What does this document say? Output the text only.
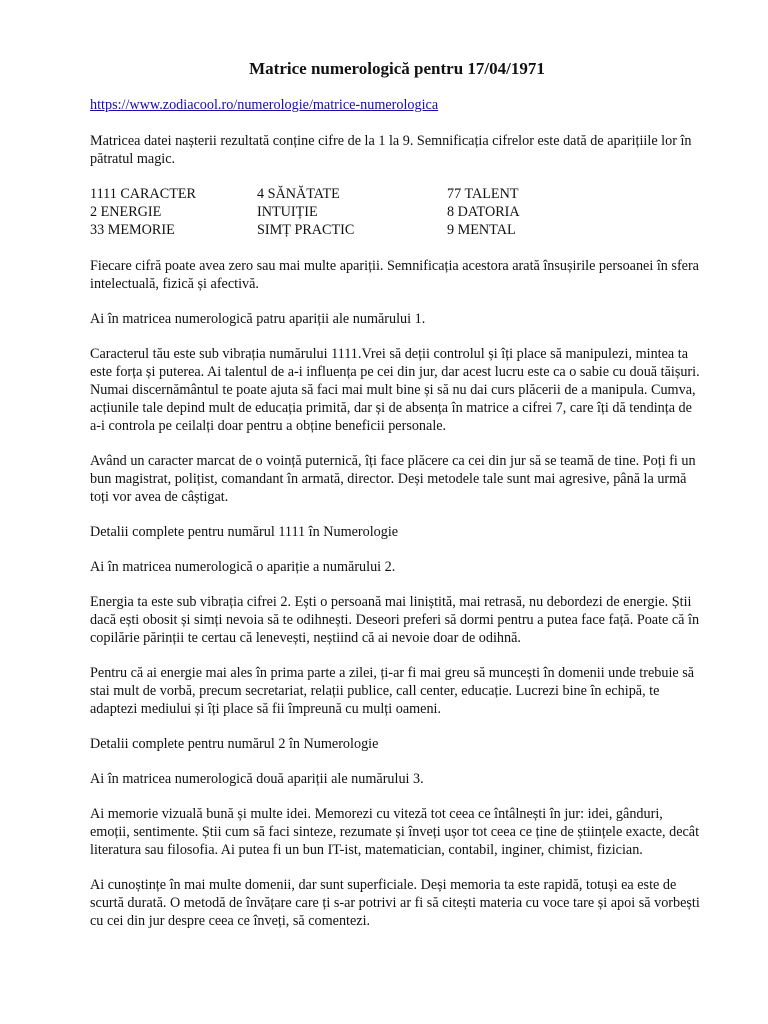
Matrice numerologică pentru 17/04/1971
https://www.zodiacool.ro/numerologie/matrice-numerologica

Matricea datei nașterii rezultată conține cifre de la 1 la 9. Semnificația cifrelor este dată de aparițiile lor în pătratul magic.

1111 CARACTER	4 SĂNĂTATE	77 TALENT
2 ENERGIE	INTUIȚIE	8 DATORIA
33 MEMORIE	SIMȚ PRACTIC	9 MENTAL

Fiecare cifră poate avea zero sau mai multe apariții. Semnificația acestora arată însușirile persoanei în sfera intelectuală, fizică și afectivă.

Ai în matricea numerologică patru apariții ale numărului 1.

Caracterul tău este sub vibrația numărului 1111.Vrei să deții controlul și îți place să manipulezi, mintea ta este forța și puterea. Ai talentul de a-i influența pe cei din jur, dar acest lucru este ca o sabie cu două tăișuri. Numai discernământul te poate ajuta să faci mai mult bine și să nu dai curs plăcerii de a manipula. Cumva, acțiunile tale depind mult de educația primită, dar și de absența în matrice a cifrei 7, care îți dă tendința de a-i controla pe ceilalți doar pentru a obține beneficii personale.

Având un caracter marcat de o voință puternică, îți face plăcere ca cei din jur să se teamă de tine. Poți fi un bun magistrat, polițist, comandant în armată, director. Deși metodele tale sunt mai agresive, până la urmă toți vor avea de câștigat.

Detalii complete pentru numărul 1111 în Numerologie

Ai în matricea numerologică o apariție a numărului 2.

Energia ta este sub vibrația cifrei 2. Ești o persoană mai liniștită, mai retrasă, nu debordezi de energie. Știi dacă ești obosit și simți nevoia să te odihnești. Deseori preferi să dormi pentru a putea face față. Poate că în copilărie părinții te certau că lenevești, neștiind că ai nevoie doar de odihnă.

Pentru că ai energie mai ales în prima parte a zilei, ți-ar fi mai greu să muncești în domenii unde trebuie să stai mult de vorbă, precum secretariat, relații publice, call center, educație. Lucrezi bine în echipă, te adaptezi mediului și îți place să fii împreună cu mulți oameni.

Detalii complete pentru numărul 2 în Numerologie

Ai în matricea numerologică două apariții ale numărului 3.

Ai memorie vizuală bună și multe idei. Memorezi cu viteză tot ceea ce întâlnești în jur: idei, gânduri, emoții, sentimente. Știi cum să faci sinteze, rezumate și înveți ușor tot ceea ce ține de științele exacte, decât literatura sau filosofia. Ai putea fi un bun IT-ist, matematician, contabil, inginer, chimist, fizician.

Ai cunoștințe în mai multe domenii, dar sunt superficiale. Deși memoria ta este rapidă, totuși ea este de scurtă durată. O metodă de învățare care ți s-ar potrivi ar fi să citești materia cu voce tare și apoi să vorbești cu cei din jur despre ceea ce înveți, să comentezi.
